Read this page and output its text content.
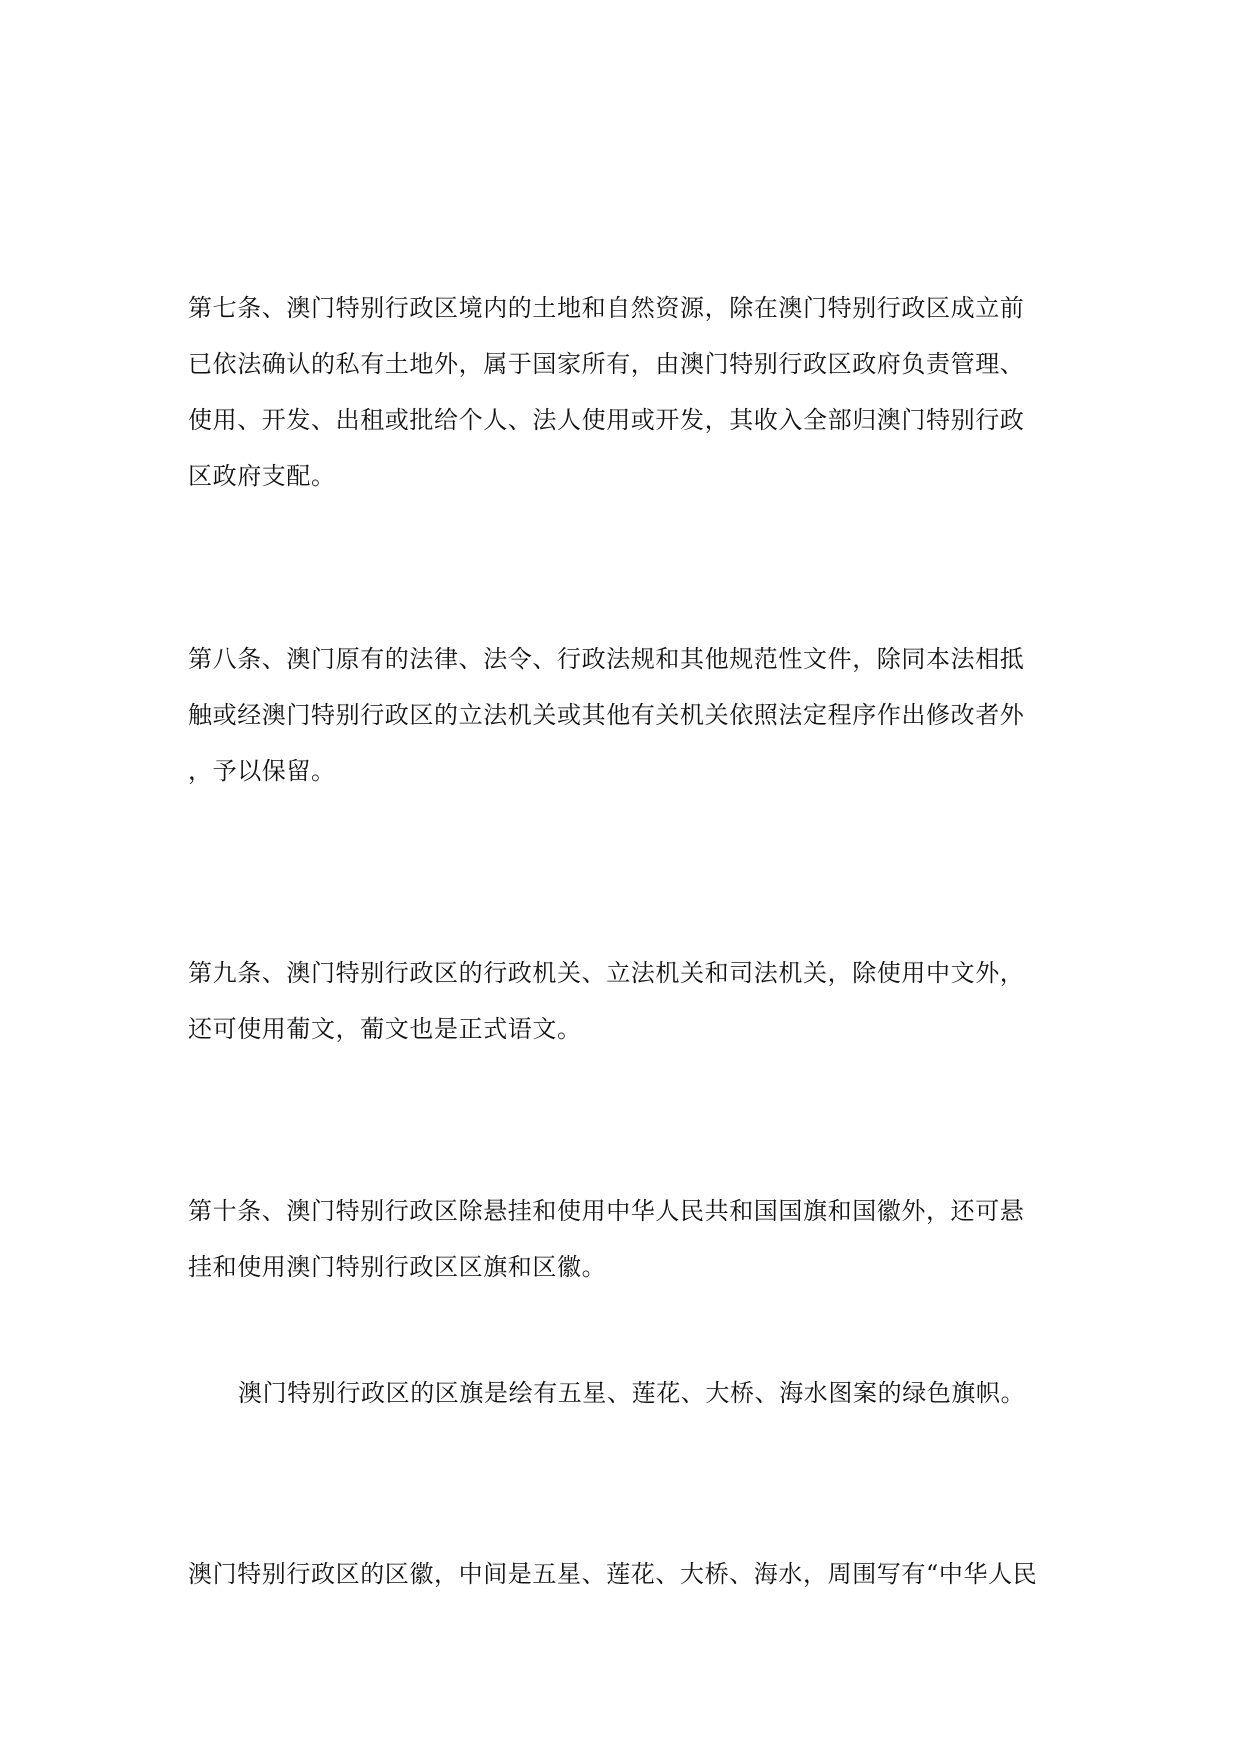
第七条、澳门特别行政区境内的土地和自然资源，除在澳门特别行政区成立前

已依法确认的私有土地外，属于国家所有，由澳门特别行政区政府负责管理、

使用、开发、出租或批给个人、法人使用或开发，其收入全部归澳门特别行政

区政府支配。

第八条、澳门原有的法律、法令、行政法规和其他规范性文件，除同本法相抵

触或经澳门特别行政区的立法机关或其他有关机关依照法定程序作出修改者外

，予以保留。

第九条、澳门特别行政区的行政机关、立法机关和司法机关，除使用中文外，

还可使用葡文，葡文也是正式语文。

第十条、澳门特别行政区除悬挂和使用中华人民共和国国旗和国徽外，还可悬

挂和使用澳门特别行政区区旗和区徽。

澳门特别行政区的区旗是绘有五星、莲花、大桥、海水图案的绿色旗帜。

澳门特别行政区的区徽，中间是五星、莲花、大桥、海水，周围写有“中华人民
